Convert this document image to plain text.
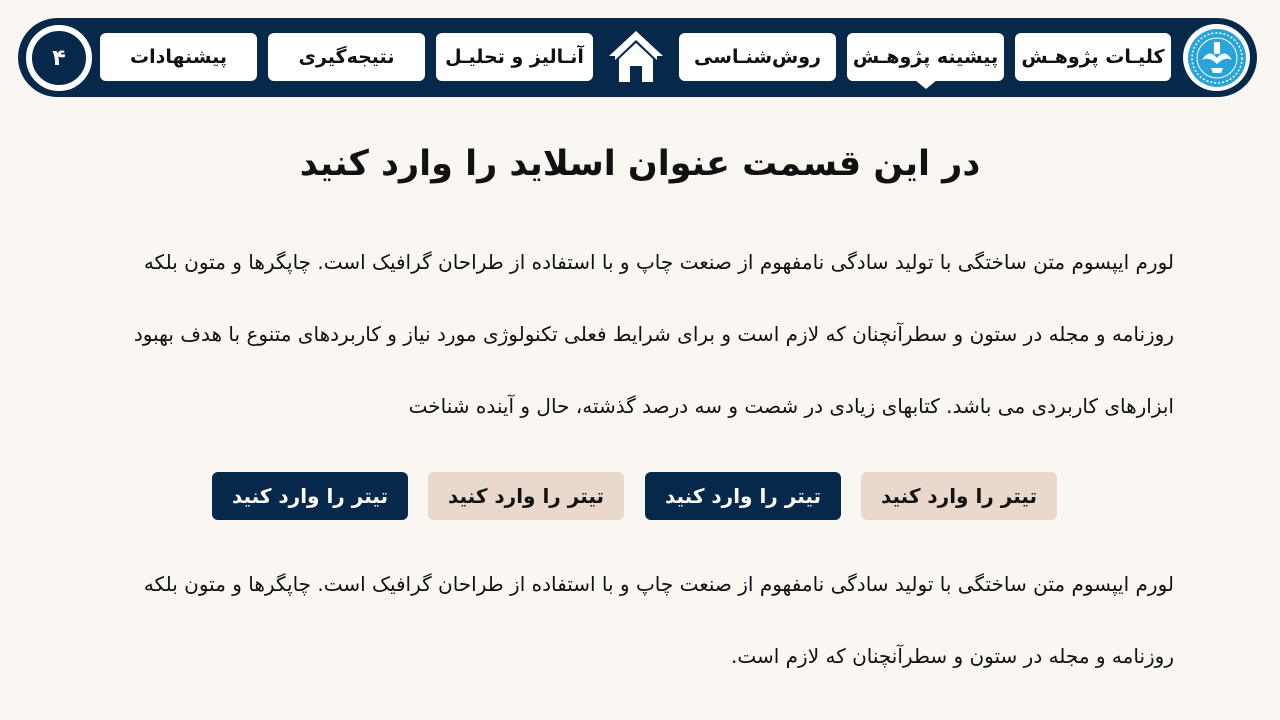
کلیـات پژوهـش
پیشینه پژوهـش
روش‌شنـاسی
آنـالیز و تحلیـل
نتیجه‌گیری
پیشنهادات
۴
در این قسمت عنوان اسلاید را وارد کنید

لورم ایپسوم متن ساختگی با تولید سادگی نامفهوم از صنعت چاپ و با استفاده از طراحان گرافیک است. چاپگرها و متون بلکه روزنامه و مجله در ستون و سطرآنچنان که لازم است و برای شرایط فعلی تکنولوژی مورد نیاز و کاربردهای متنوع با هدف بهبود ابزارهای کاربردی می باشد. کتابهای زیادی در شصت و سه درصد گذشته، حال و آینده شناخت

تیتر را وارد کنید
تیتر را وارد کنید
تیتر را وارد کنید
تیتر را وارد کنید

لورم ایپسوم متن ساختگی با تولید سادگی نامفهوم از صنعت چاپ و با استفاده از طراحان گرافیک است. چاپگرها و متون بلکه روزنامه و مجله در ستون و سطرآنچنان که لازم است.
